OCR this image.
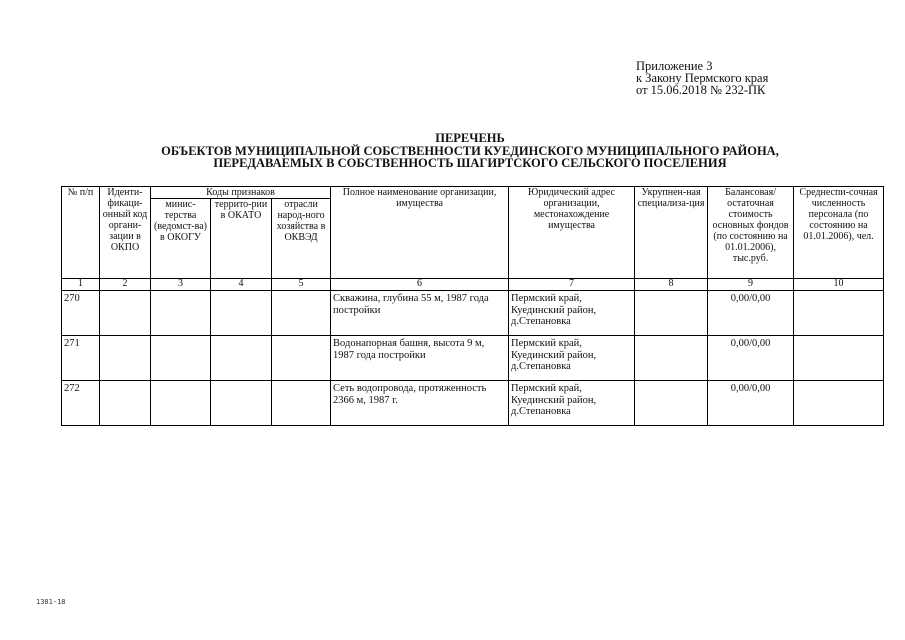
Приложение 3
к Закону Пермского края
от 15.06.2018 № 232-ПК
ПЕРЕЧЕНЬ
ОБЪЕКТОВ МУНИЦИПАЛЬНОЙ СОБСТВЕННОСТИ КУЕДИНСКОГО МУНИЦИПАЛЬНОГО РАЙОНА,
ПЕРЕДАВАЕМЫХ В СОБСТВЕННОСТЬ ШАГИРТСКОГО СЕЛЬСКОГО ПОСЕЛЕНИЯ
№ п/п	Иденти-фикаци-онный код органи-зации в ОКПО	Коды признаков			Полное наименование организации, имущества	Юридический адрес организации, местонахождение имущества	Укрупнен-ная специализа-ция	Балансовая/ остаточная стоимость основных фондов (по состоянию на 01.01.2006), тыс.руб.	Среднеспи-сочная численность персонала (по состоянию на 01.01.2006), чел.
		минис-терства (ведомст-ва) в ОКОГУ	террито-рии в ОКАТО	отрасли народ-ного хозяйства в ОКВЭД					
1	2	3	4	5	6	7	8	9	10
270					Скважина, глубина 55 м, 1987 года постройки	Пермский край, Куединский район, д.Степановка		0,00/0,00	
271					Водонапорная башня, высота 9 м, 1987 года постройки	Пермский край, Куединский район, д.Степановка		0,00/0,00	
272					Сеть водопровода, протяженность 2366 м, 1987 г.	Пермский край, Куединский район, д.Степановка		0,00/0,00	
1381-18
